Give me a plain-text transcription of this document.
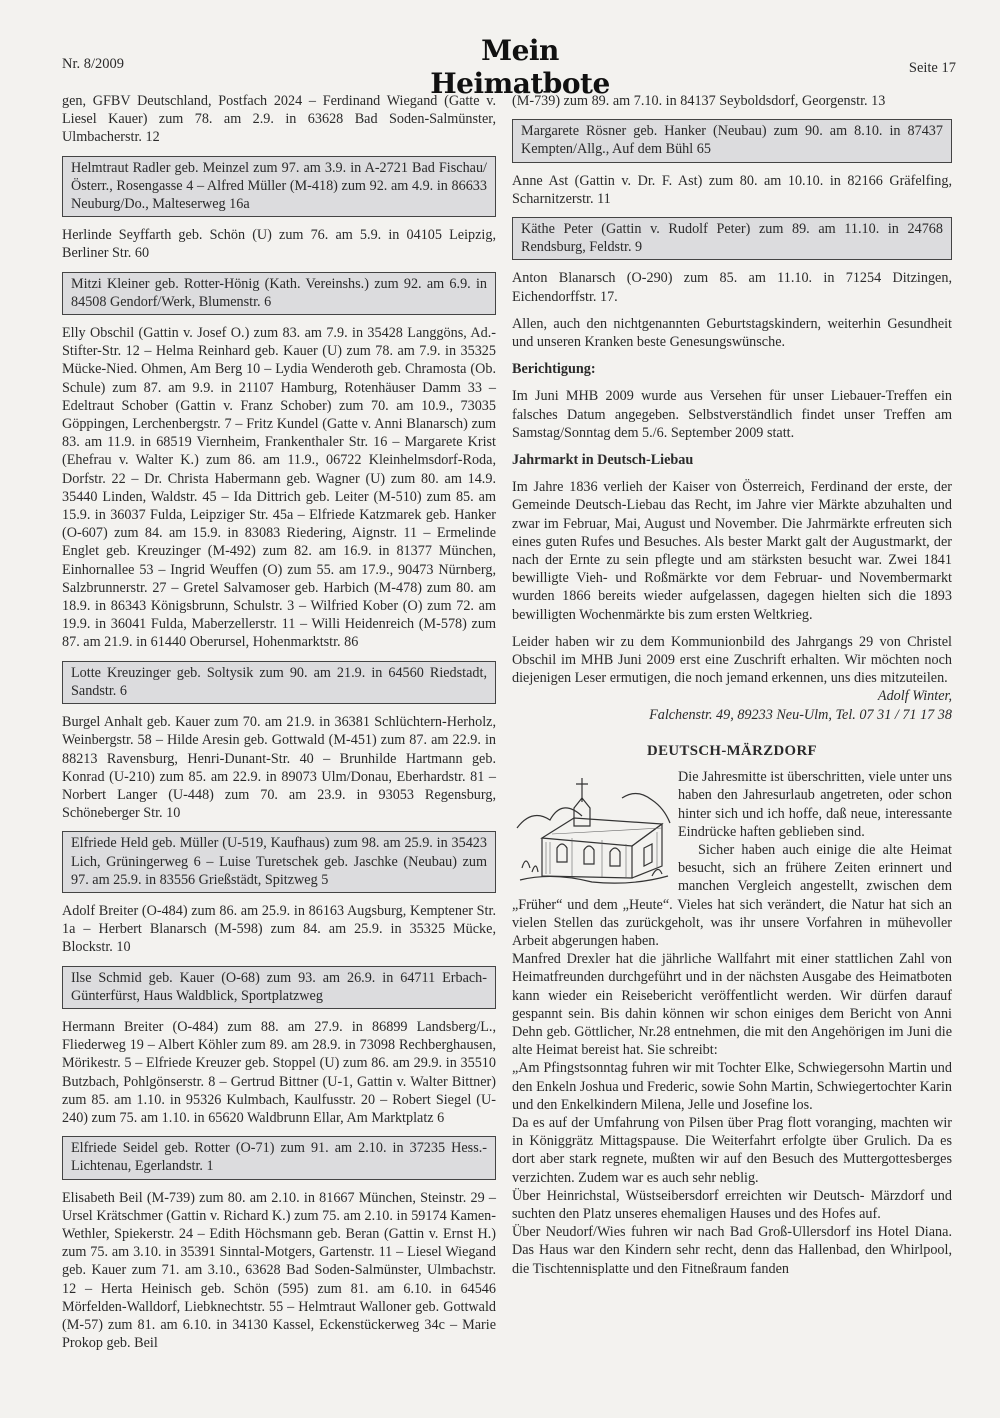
Nr. 8/2009	Mein Heimatbote	Seite 17

gen, GFBV Deutschland, Postfach 2024 – Ferdinand Wiegand (Gatte v. Liesel Kauer) zum 78. am 2.9. in 63628 Bad Soden-Salmünster, Ulmbacherstr. 12

Helmtraut Radler geb. Meinzel zum 97. am 3.9. in A-2721 Bad Fischau/Österr., Rosengasse 4 – Alfred Müller (M-418) zum 92. am 4.9. in 86633 Neuburg/Do., Malteserweg 16a

Herlinde Seyffarth geb. Schön (U) zum 76. am 5.9. in 04105 Leipzig, Berliner Str. 60

Mitzi Kleiner geb. Rotter-Hönig (Kath. Vereinshs.) zum 92. am 6.9. in 84508 Gendorf/Werk, Blumenstr. 6

Elly Obschil (Gattin v. Josef O.) zum 83. am 7.9. in 35428 Langgöns, Ad.-Stifter-Str. 12 – Helma Reinhard geb. Kauer (U) zum 78. am 7.9. in 35325 Mücke-Nied. Ohmen, Am Berg 10 – Lydia Wenderoth geb. Chramosta (Ob. Schule) zum 87. am 9.9. in 21107 Hamburg, Rotenhäuser Damm 33 – Edeltraut Schober (Gattin v. Franz Schober) zum 70. am 10.9., 73035 Göppingen, Lerchenbergstr. 7 – Fritz Kundel (Gatte v. Anni Blanarsch) zum 83. am 11.9. in 68519 Viernheim, Frankenthaler Str. 16 – Margarete Krist (Ehefrau v. Walter K.) zum 86. am 11.9., 06722 Kleinhelmsdorf-Roda, Dorfstr. 22 – Dr. Christa Habermann geb. Wagner (U) zum 80. am 14.9. 35440 Linden, Waldstr. 45 – Ida Dittrich geb. Leiter (M-510) zum 85. am 15.9. in 36037 Fulda, Leipziger Str. 45a – Elfriede Katzmarek geb. Hanker (O-607) zum 84. am 15.9. in 83083 Riedering, Aignstr. 11 – Ermelinde Englet geb. Kreuzinger (M-492) zum 82. am 16.9. in 81377 München, Einhornallee 53 – Ingrid Weuffen (O) zum 55. am 17.9., 90473 Nürnberg, Salzbrunnerstr. 27 – Gretel Salvamoser geb. Harbich (M-478) zum 80. am 18.9. in 86343 Königsbrunn, Schulstr. 3 – Wilfried Kober (O) zum 72. am 19.9. in 36041 Fulda, Maberzellerstr. 11 – Willi Heidenreich (M-578) zum 87. am 21.9. in 61440 Oberursel, Hohenmarktstr. 86

Lotte Kreuzinger geb. Soltysik zum 90. am 21.9. in 64560 Riedstadt, Sandstr. 6

Burgel Anhalt geb. Kauer zum 70. am 21.9. in 36381 Schlüchtern-Herholz, Weinbergstr. 58 – Hilde Aresin geb. Gottwald (M-451) zum 87. am 22.9. in 88213 Ravensburg, Henri-Dunant-Str. 40 – Brunhilde Hartmann geb. Konrad (U-210) zum 85. am 22.9. in 89073 Ulm/Donau, Eberhardstr. 81 – Norbert Langer (U-448) zum 70. am 23.9. in 93053 Regensburg, Schöneberger Str. 10

Elfriede Held geb. Müller (U-519, Kaufhaus) zum 98. am 25.9. in 35423 Lich, Grüningerweg 6 – Luise Turetschek geb. Jaschke (Neubau) zum 97. am 25.9. in 83556 Grießstädt, Spitzweg 5

Adolf Breiter (O-484) zum 86. am 25.9. in 86163 Augsburg, Kemptener Str. 1a – Herbert Blanarsch (M-598) zum 84. am 25.9. in 35325 Mücke, Blockstr. 10

Ilse Schmid geb. Kauer (O-68) zum 93. am 26.9. in 64711 Erbach-Günterfürst, Haus Waldblick, Sportplatzweg

Hermann Breiter (O-484) zum 88. am 27.9. in 86899 Landsberg/L., Fliederweg 19 – Albert Köhler zum 89. am 28.9. in 73098 Rechberghausen, Mörikestr. 5 – Elfriede Kreuzer geb. Stoppel (U) zum 86. am 29.9. in 35510 Butzbach, Pohlgönserstr. 8 – Gertrud Bittner (U-1, Gattin v. Walter Bittner) zum 85. am 1.10. in 95326 Kulmbach, Kaulfusstr. 20 – Robert Siegel (U-240) zum 75. am 1.10. in 65620 Waldbrunn Ellar, Am Marktplatz 6

Elfriede Seidel geb. Rotter (O-71) zum 91. am 2.10. in 37235 Hess.-Lichtenau, Egerlandstr. 1

Elisabeth Beil (M-739) zum 80. am 2.10. in 81667 München, Steinstr. 29 – Ursel Krätschmer (Gattin v. Richard K.) zum 75. am 2.10. in 59174 Kamen-Wethler, Spiekerstr. 24 – Edith Höchsmann geb. Beran (Gattin v. Ernst H.) zum 75. am 3.10. in 35391 Sinntal-Motgers, Gartenstr. 11 – Liesel Wiegand geb. Kauer zum 71. am 3.10., 63628 Bad Soden-Salmünster, Ulmbachstr. 12 – Herta Heinisch geb. Schön (595) zum 81. am 6.10. in 64546 Mörfelden-Walldorf, Liebknechtstr. 55 – Helmtraut Walloner geb. Gottwald (M-57) zum 81. am 6.10. in 34130 Kassel, Eckenstückerweg 34c – Marie Prokop geb. Beil

(M-739) zum 89. am 7.10. in 84137 Seyboldsdorf, Georgenstr. 13

Margarete Rösner geb. Hanker (Neubau) zum 90. am 8.10. in 87437 Kempten/Allg., Auf dem Bühl 65

Anne Ast (Gattin v. Dr. F. Ast) zum 80. am 10.10. in 82166 Gräfelfing, Scharnitzerstr. 11

Käthe Peter (Gattin v. Rudolf Peter) zum 89. am 11.10. in 24768 Rendsburg, Feldstr. 9

Anton Blanarsch (O-290) zum 85. am 11.10. in 71254 Ditzingen, Eichendorffstr. 17.

Allen, auch den nichtgenannten Geburtstagskindern, weiterhin Gesundheit und unseren Kranken beste Genesungswünsche.

Berichtigung:

Im Juni MHB 2009 wurde aus Versehen für unser Liebauer-Treffen ein falsches Datum angegeben. Selbstverständlich findet unser Treffen am Samstag/Sonntag dem 5./6. September 2009 statt.

Jahrmarkt in Deutsch-Liebau

Im Jahre 1836 verlieh der Kaiser von Österreich, Ferdinand der erste, der Gemeinde Deutsch-Liebau das Recht, im Jahre vier Märkte abzuhalten und zwar im Februar, Mai, August und November. Die Jahrmärkte erfreuten sich eines guten Rufes und Besuches. Als bester Markt galt der Augustmarkt, der nach der Ernte zu sein pflegte und am stärksten besucht war. Zwei 1841 bewilligte Vieh- und Roßmärkte vor dem Februar- und Novembermarkt wurden 1866 bereits wieder aufgelassen, dagegen hielten sich die 1893 bewilligten Wochenmärkte bis zum ersten Weltkrieg.

Leider haben wir zu dem Kommunionbild des Jahrgangs 29 von Christel Obschil im MHB Juni 2009 erst eine Zuschrift erhalten. Wir möchten noch diejenigen Leser ermutigen, die noch jemand erkennen, uns dies mitzuteilen.

Adolf Winter,
Falchenstr. 49, 89233 Neu-Ulm, Tel. 07 31 / 71 17 38
DEUTSCH-MÄRZDORF

Die Jahresmitte ist überschritten, viele unter uns haben den Jahresurlaub angetreten, oder schon hinter sich und ich hoffe, daß neue, interessante Eindrücke haften geblieben sind.

Sicher haben auch einige die alte Heimat besucht, sich an frühere Zeiten erinnert und manchen Vergleich angestellt, zwischen dem „Früher“ und dem „Heute“. Vieles hat sich verändert, die Natur hat sich an vielen Stellen das zurückgeholt, was ihr unsere Vorfahren in mühevoller Arbeit abgerungen haben.

Manfred Drexler hat die jährliche Wallfahrt mit einer stattlichen Zahl von Heimatfreunden durchgeführt und in der nächsten Ausgabe des Heimatboten kann wieder ein Reisebericht veröffentlicht werden. Wir dürfen darauf gespannt sein. Bis dahin können wir schon einiges dem Bericht von Anni Dehn geb. Göttlicher, Nr.28 entnehmen, die mit den Angehörigen im Juni die alte Heimat bereist hat. Sie schreibt:

„Am Pfingstsonntag fuhren wir mit Tochter Elke, Schwiegersohn Martin und den Enkeln Joshua und Frederic, sowie Sohn Martin, Schwiegertochter Karin und den Enkelkindern Milena, Jelle und Josefine los.

Da es auf der Umfahrung von Pilsen über Prag flott voranging, machten wir in Königgrätz Mittagspause. Die Weiterfahrt erfolgte über Grulich. Da es dort aber stark regnete, mußten wir auf den Besuch des Muttergottesberges verzichten. Zudem war es auch sehr neblig.

Über Heinrichstal, Wüstseibersdorf erreichten wir Deutsch- Märzdorf und suchten den Platz unseres ehemaligen Hauses und des Hofes auf.

Über Neudorf/Wies fuhren wir nach Bad Groß-Ullersdorf ins Hotel Diana. Das Haus war den Kindern sehr recht, denn das Hallenbad, den Whirlpool, die Tischtennisplatte und den Fitneßraum fanden
